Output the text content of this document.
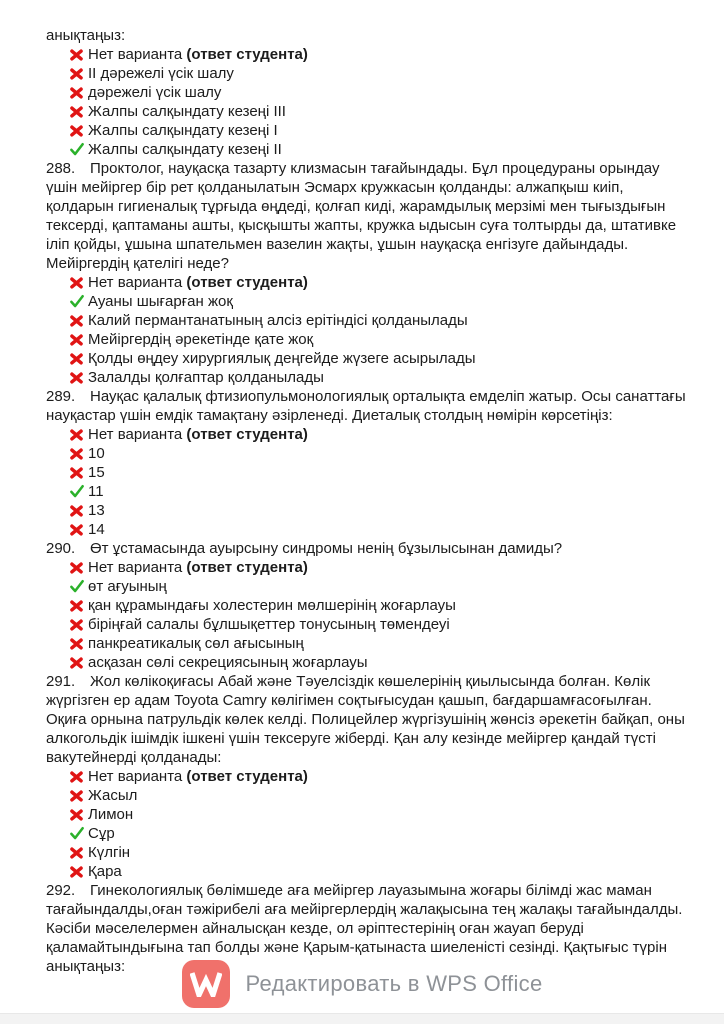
анықтаңыз:

Нет варианта (ответ студента)
II дәрежелі үсік шалу
дәрежелі үсік шалу
Жалпы салқындату кезеңі III
Жалпы салқындату кезеңі I
Жалпы салқындату кезеңі II

288. Проктолог, науқасқа тазарту клизмасын тағайындады. Бұл процедураны орындау үшін мейіргер бір рет қолданылатын Эсмарх кружкасын қолданды: алжапқыш киіп, қолдарын гигиеналық тұрғыда өңдеді, қолғап киді, жарамдылық мерзімі мен тығыздығын тексерді, қаптаманы ашты, қысқышты жапты, кружка ыдысын суға толтырды да, штативке іліп қойды, ұшына шпательмен вазелин жақты, ұшын науқасқа енгізуге дайындады. Мейіргердің қателігі неде?

Нет варианта (ответ студента)
Ауаны шығарған жоқ
Калий пермантанатының алсіз ерітіндісі қолданылады
Мейіргердің әрекетінде қате жоқ
Қолды өңдеу хирургиялық деңгейде жүзеге асырылады
Залалды қолғаптар қолданылады

289. Науқас қалалық фтизиопульмонологиялық орталықта емделіп жатыр. Осы санаттағы науқастар үшін емдік тамақтану әзірленеді. Диеталық столдың нөмірін көрсетіңіз:

Нет варианта (ответ студента)
10
15
11
13
14

290. Өт ұстамасында ауырсыну синдромы ненің бұзылысынан дамиды?

Нет варианта (ответ студента)
өт ағуының
қан құрамындағы холестерин мөлшерінің жоғарлауы
біріңғай салалы бұлшықеттер тонусының төмендеуі
панкреатикалық сөл ағысының
асқазан сөлі секрециясының жоғарлауы

291. Жол көлікоқиғасы Абай және Тәуелсіздік көшелерінің қиылысында болған. Көлік жүргізген ер адам Toyota Camry көлігімен соқтығысудан қашып, бағдаршамғасоғылған. Оқиға орнына патрульдік көлек келді. Полицейлер жүргізушінің жөнсіз әрекетін байқап, оны алкогольдік ішімдік ішкені үшін тексеруге жіберді. Қан алу кезінде мейіргер қандай түсті вакутейнерді қолданады:

Нет варианта (ответ студента)
Жасыл
Лимон
Сұр
Күлгін
Қара

292. Гинекологиялық бөлімшеде аға мейіргер лауазымына жоғары білімді жас маман тағайындалды,оған тәжірибелі аға мейіргерлердің жалақысына тең жалақы тағайындалды. Кәсіби мәселелермен айналысқан кезде, ол әріптестерінің оған жауап беруді қаламайтындығына тап болды және Қарым-қатынаста шиеленісті сезінді. Қақтығыс түрін анықтаңыз:

Редактировать в WPS Office
